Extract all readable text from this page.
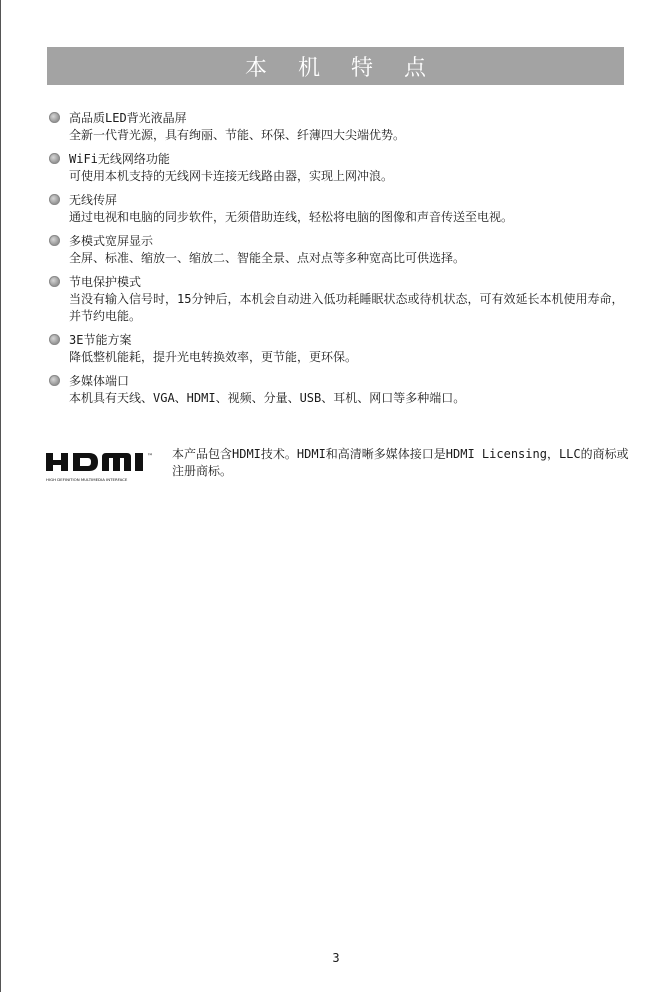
本 机 特 点
高品质LED背光液晶屏
全新一代背光源，具有绚丽、节能、环保、纤薄四大尖端优势。
WiFi无线网络功能
可使用本机支持的无线网卡连接无线路由器，实现上网冲浪。
无线传屏
通过电视和电脑的同步软件，无须借助连线，轻松将电脑的图像和声音传送至电视。
多模式宽屏显示
全屏、标准、缩放一、缩放二、智能全景、点对点等多种宽高比可供选择。
节电保护模式
当没有输入信号时，15分钟后，本机会自动进入低功耗睡眠状态或待机状态，可有效延长本机使用寿命，并节约电能。
3E节能方案
降低整机能耗，提升光电转换效率，更节能，更环保。
多媒体端口
本机具有天线、VGA、HDMI、视频、分量、USB、耳机、网口等多种端口。
™
HIGH DEFINITION MULTIMEDIA INTERFACE
本产品包含HDMI技术。HDMI和高清晰多媒体接口是HDMI Licensing，LLC的商标或注册商标。
3
